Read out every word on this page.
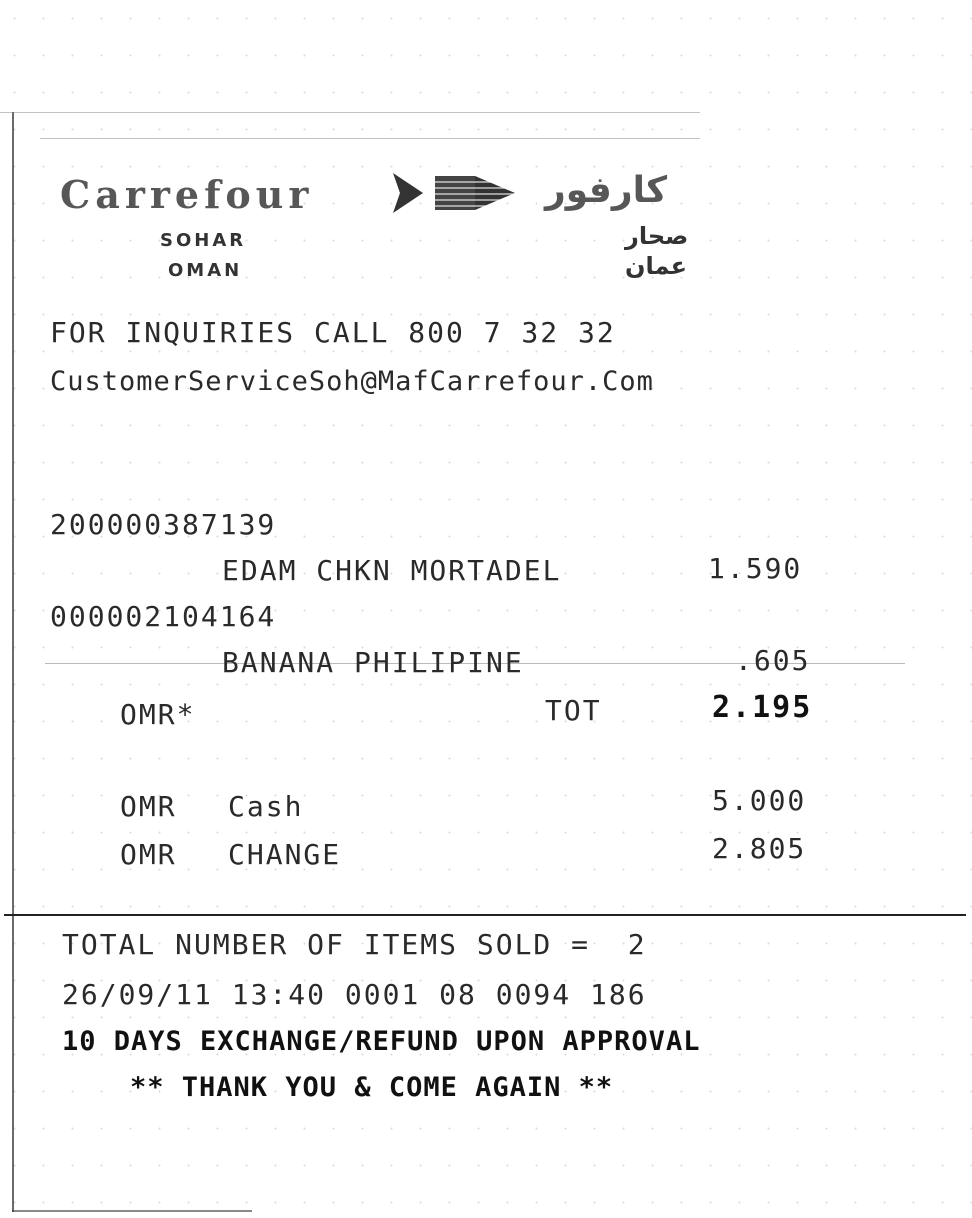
Carrefour	كارفور
SOHAR
OMAN
صحار
عمان
FOR INQUIRIES CALL 800 7 32 32
CustomerServiceSoh@MafCarrefour.Com
200000387139
EDAM CHKN MORTADEL	1.590
000002104164
BANANA PHILIPINE	.605
OMR*	TOT	2.195
OMR Cash	5.000
OMR CHANGE	2.805
TOTAL NUMBER OF ITEMS SOLD =  2
26/09/11 13:40 0001 08 0094 186
10 DAYS EXCHANGE/REFUND UPON APPROVAL
** THANK YOU & COME AGAIN **
